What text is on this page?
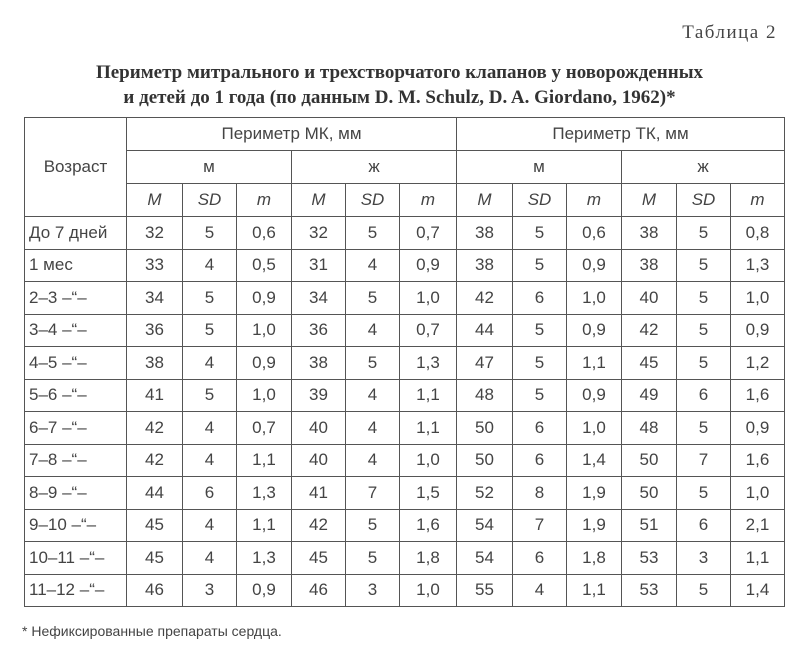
Таблица 2
Периметр митрального и трехстворчатого клапанов у новорожденных
и детей до 1 года (по данным D. M. Schulz, D. A. Giordano, 1962)*
Возраст	Периметр МК, мм						Периметр ТК, мм					
	м			ж			м			ж		
	M	SD	m	M	SD	m	M	SD	m	M	SD	m
До 7 дней	32	5	0,6	32	5	0,7	38	5	0,6	38	5	0,8
1 мес	33	4	0,5	31	4	0,9	38	5	0,9	38	5	1,3
2–3 –“–	34	5	0,9	34	5	1,0	42	6	1,0	40	5	1,0
3–4 –“–	36	5	1,0	36	4	0,7	44	5	0,9	42	5	0,9
4–5 –“–	38	4	0,9	38	5	1,3	47	5	1,1	45	5	1,2
5–6 –“–	41	5	1,0	39	4	1,1	48	5	0,9	49	6	1,6
6–7 –“–	42	4	0,7	40	4	1,1	50	6	1,0	48	5	0,9
7–8 –“–	42	4	1,1	40	4	1,0	50	6	1,4	50	7	1,6
8–9 –“–	44	6	1,3	41	7	1,5	52	8	1,9	50	5	1,0
9–10 –“–	45	4	1,1	42	5	1,6	54	7	1,9	51	6	2,1
10–11 –“–	45	4	1,3	45	5	1,8	54	6	1,8	53	3	1,1
11–12 –“–	46	3	0,9	46	3	1,0	55	4	1,1	53	5	1,4
* Нефиксированные препараты сердца.
